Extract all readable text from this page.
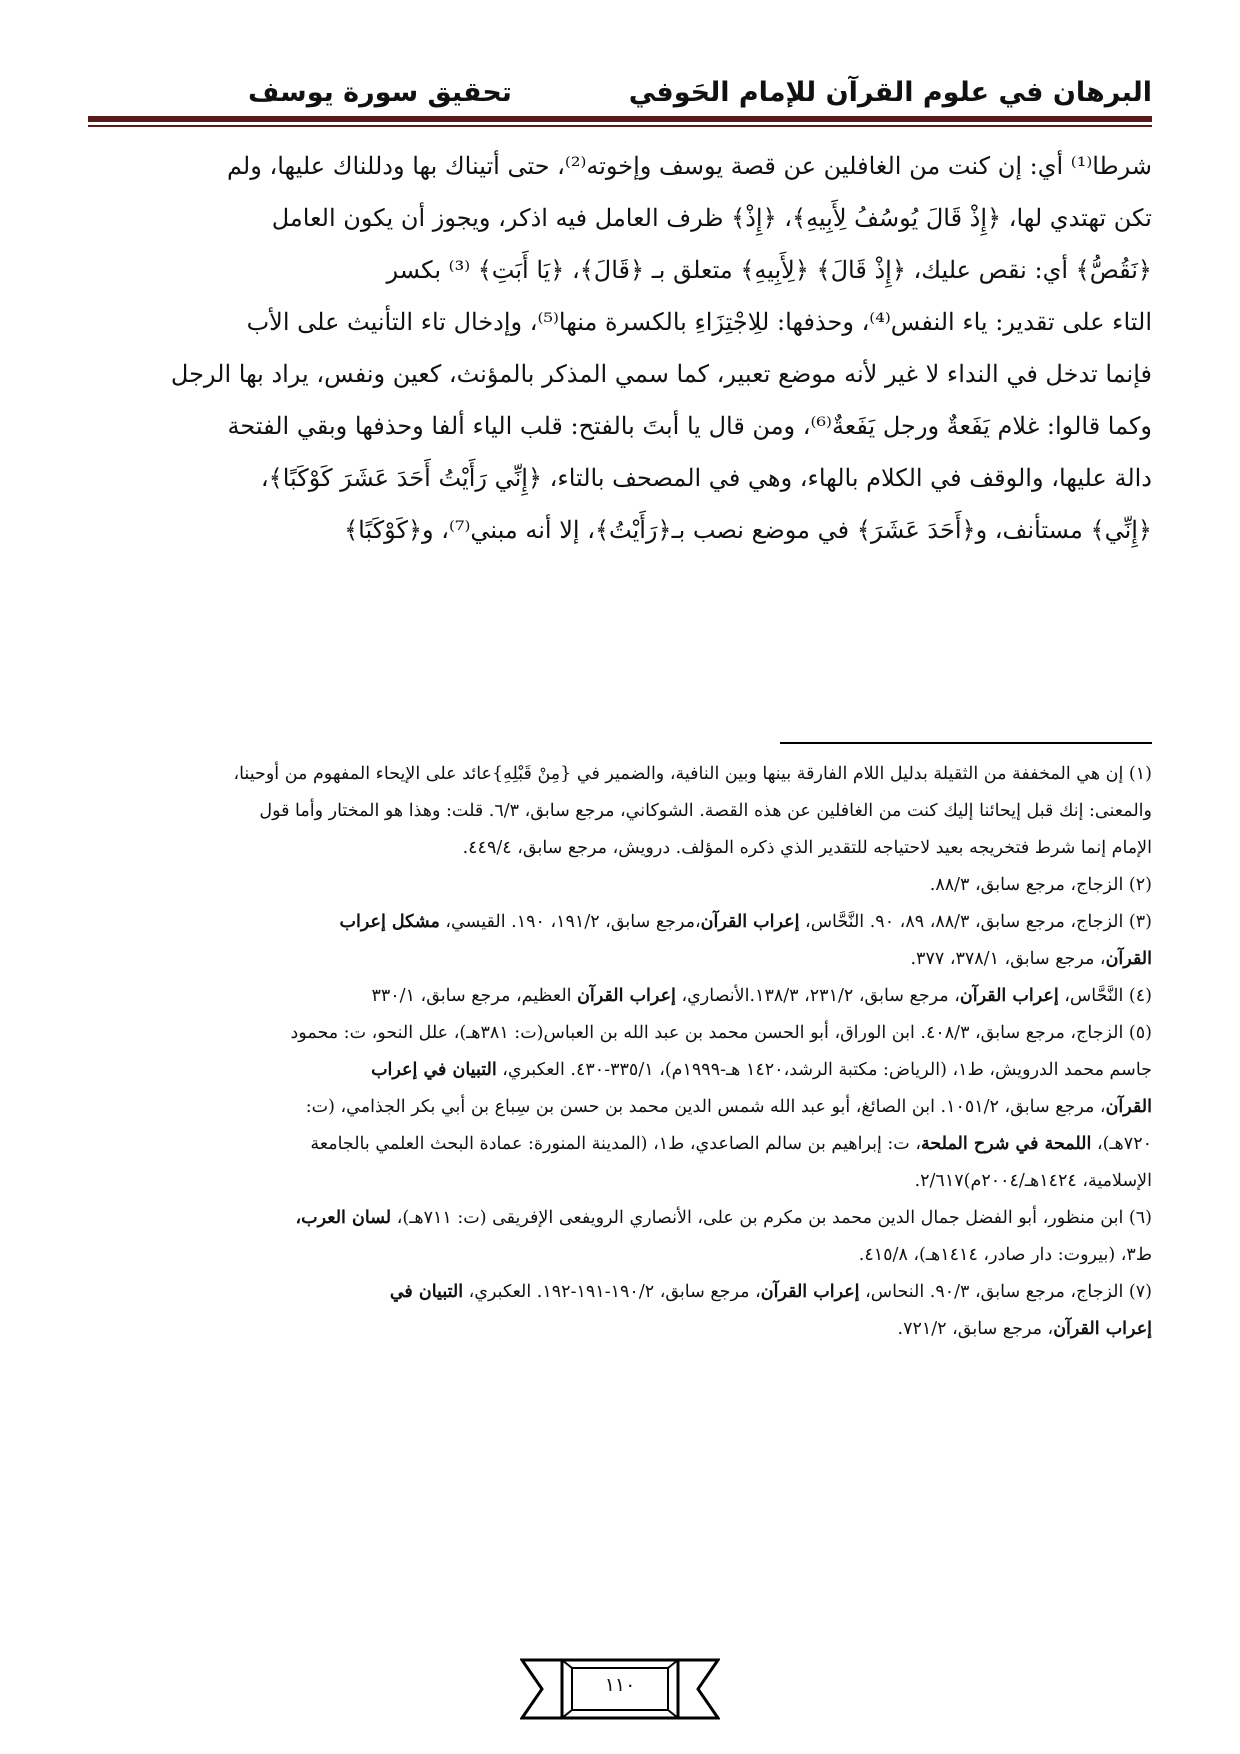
البرهان في علوم القرآن للإمام الحَوفي
تحقيق سورة يوسف
شرطا⁽¹⁾ أي: إن كنت من الغافلين عن قصة يوسف وإخوته⁽²⁾، حتى أتيناك بها ودللناك عليها، ولم
تكن تهتدي لها، ﴿إِذْ قَالَ يُوسُفُ لِأَبِيهِ﴾، ﴿إِذْ﴾ ظرف العامل فيه اذكر، ويجوز أن يكون العامل
﴿نَقُصُّ﴾ أي: نقص عليك، ﴿إِذْ قَالَ﴾ ﴿لِأَبِيهِ﴾ متعلق بـ ﴿قَالَ﴾، ﴿يَا أَبَتِ﴾ ⁽³⁾ بكسر
التاء على تقدير: ياء النفس⁽⁴⁾، وحذفها: للِاجْتِزَاءِ بالكسرة منها⁽⁵⁾، وإدخال تاء التأنيث على الأب
فإنما تدخل في النداء لا غير لأنه موضع تعبير، كما سمي المذكر بالمؤنث، كعين ونفس، يراد بها الرجل
وكما قالوا: غلام يَفَعةٌ ورجل يَفَعةٌ⁽⁶⁾، ومن قال يا أبتَ بالفتح: قلب الياء ألفا وحذفها وبقي الفتحة
دالة عليها، والوقف في الكلام بالهاء، وهي في المصحف بالتاء، ﴿إِنِّي رَأَيْتُ أَحَدَ عَشَرَ كَوْكَبًا﴾،
﴿إِنِّي﴾ مستأنف، و﴿أَحَدَ عَشَرَ﴾ في موضع نصب بـ﴿رَأَيْتُ﴾، إلا أنه مبني⁽⁷⁾، و﴿كَوْكَبًا﴾
(١) إن هي المخففة من الثقيلة بدليل اللام الفارقة بينها وبين النافية، والضمير في {مِنْ قَبْلِهِ}عائد على الإيحاء المفهوم من أوحينا،
والمعنى: إنك قبل إيحائنا إليك كنت من الغافلين عن هذه القصة. الشوكاني، مرجع سابق، ٦/٣. قلت: وهذا هو المختار وأما قول
الإمام إنما شرط فتخريجه بعيد لاحتياجه للتقدير الذي ذكره المؤلف. درويش، مرجع سابق، ٤٤٩/٤.
(٢) الزجاج، مرجع سابق، ٨٨/٣.
(٣) الزجاج، مرجع سابق، ٨٨/٣، ٨٩، ٩٠. النَّحَّاس، إعراب القرآن،مرجع سابق، ١٩١/٢، ١٩٠. القيسي، مشكل إعراب
القرآن، مرجع سابق، ٣٧٨/١، ٣٧٧.
(٤) النَّحَّاس، إعراب القرآن، مرجع سابق، ٢٣١/٢، ١٣٨/٣.الأنصاري، إعراب القرآن العظيم، مرجع سابق، ٣٣٠/١
(٥) الزجاج، مرجع سابق، ٤٠٨/٣. ابن الوراق، أبو الحسن محمد بن عبد الله بن العباس(ت: ٣٨١هـ)، علل النحو، ت: محمود
جاسم محمد الدرويش، ط١، (الرياض: مكتبة الرشد،١٤٢٠ هـ-١٩٩٩م)، ٣٣٥/١-٤٣٠. العكبري، التبيان في إعراب
القرآن، مرجع سابق، ١٠٥١/٢. ابن الصائغ، أبو عبد الله شمس الدين محمد بن حسن بن سِباع بن أبي بكر الجذامي، (ت:
٧٢٠هـ)، اللمحة في شرح الملحة، ت: إبراهيم بن سالم الصاعدي، ط١، (المدينة المنورة: عمادة البحث العلمي بالجامعة
الإسلامية، ١٤٢٤هـ/٢٠٠٤م)٢/٦١٧.
(٦) ابن منظور، أبو الفضل جمال الدين محمد بن مكرم بن على، الأنصاري الرويفعى الإفريقى (ت: ٧١١هـ)، لسان العرب،
ط٣، (بيروت: دار صادر، ١٤١٤هـ)، ٤١٥/٨.
(٧) الزجاج، مرجع سابق، ٩٠/٣. النحاس، إعراب القرآن، مرجع سابق، ١٩٠/٢-١٩١-١٩٢. العكبري، التبيان في
إعراب القرآن، مرجع سابق، ٧٢١/٢.
١١٠
